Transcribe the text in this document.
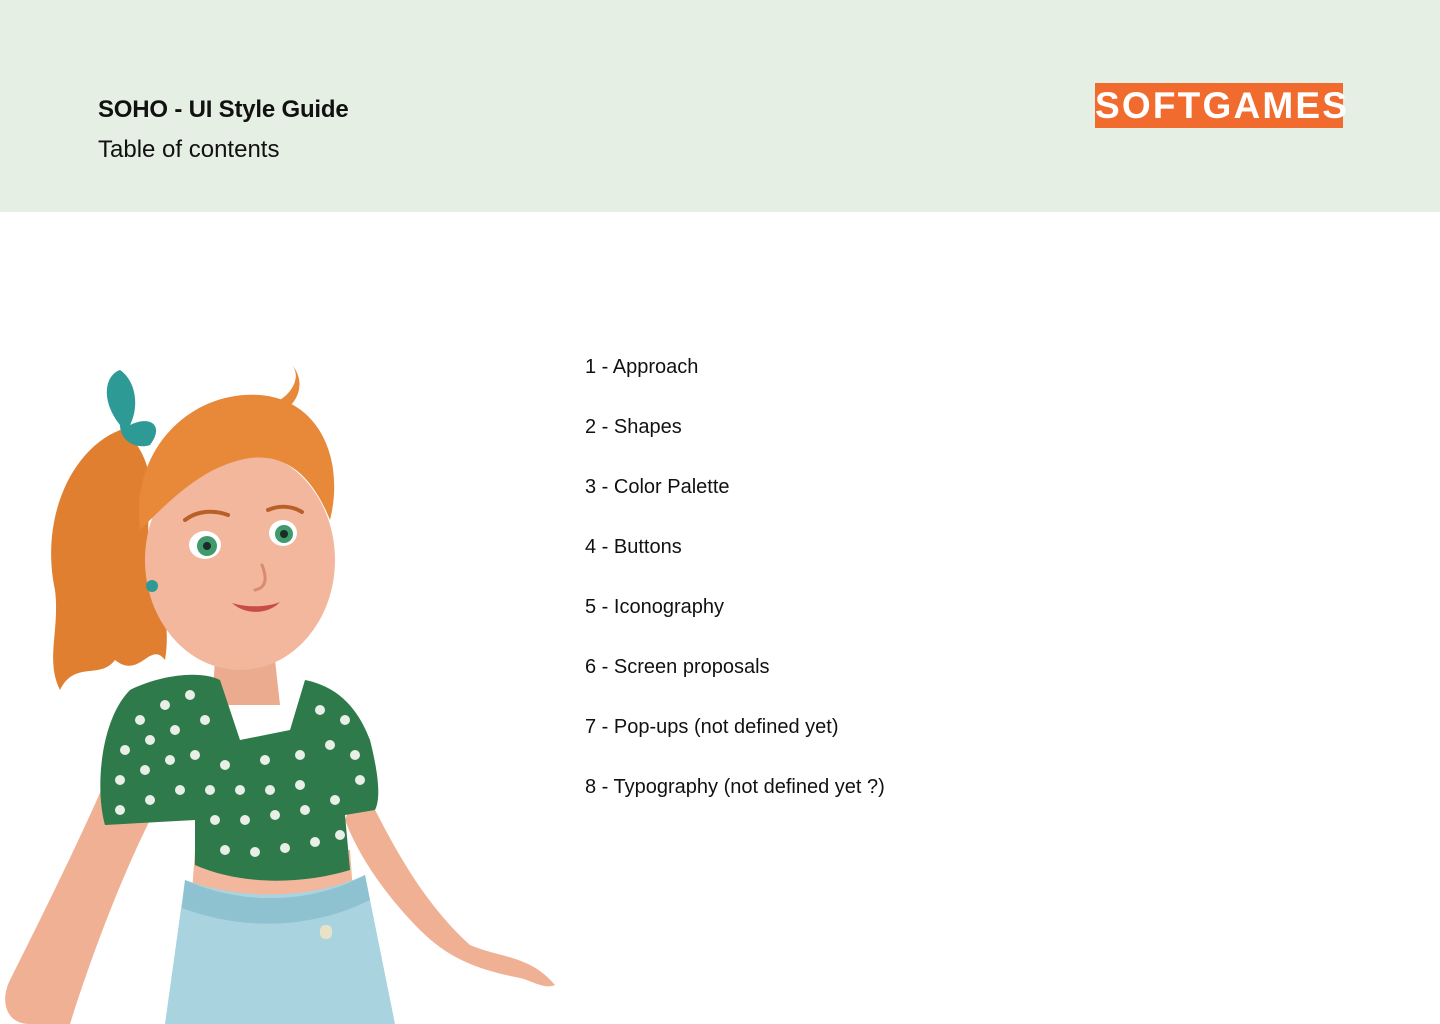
SOHO - UI Style Guide
Table of contents
SOFTGAMES
1 - Approach
2 - Shapes
3 - Color Palette
4 - Buttons
5 - Iconography
6 - Screen proposals
7 - Pop-ups (not defined yet)
8 - Typography (not defined yet ?)
